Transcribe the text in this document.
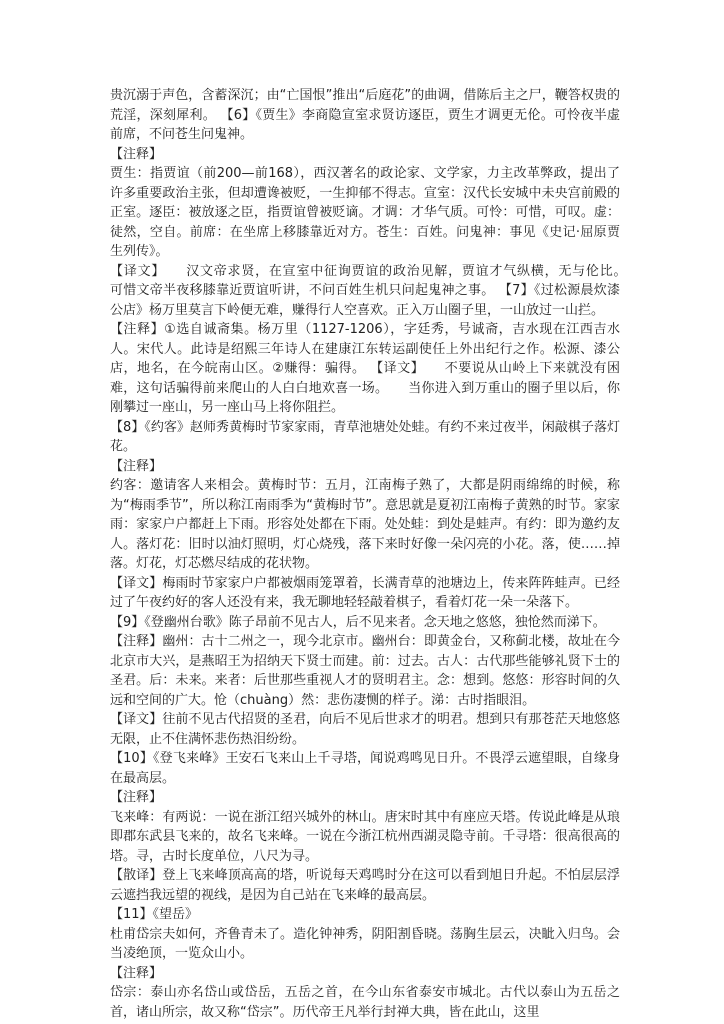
贵沉溺于声色，含蓄深沉；由“亡国恨”推出“后庭花”的曲调，借陈后主之尸，鞭答权贵的荒淫，深刻犀利。 【6】《贾生》李商隐宣室求贤访逐臣，贾生才调更无伦。可怜夜半虚前席，不问苍生问鬼神。

【注释】

贾生：指贾谊（前200—前168），西汉著名的政论家、文学家，力主改革弊政，提出了许多重要政治主张，但却遭谗被贬，一生抑郁不得志。宣室：汉代长安城中未央宫前殿的正室。逐臣：被放逐之臣，指贾谊曾被贬谪。才调：才华气质。可怜：可惜，可叹。虚：徒然，空自。前席：在坐席上移膝靠近对方。苍生：百姓。问鬼神：事见《史记·屈原贾生列传》。

【译文】　　汉文帝求贤，在宣室中征询贾谊的政治见解，贾谊才气纵横，无与伦比。　　可惜文帝半夜移膝靠近贾谊听讲，不问百姓生机只问起鬼神之事。 【7】《过松源晨炊漆公店》杨万里莫言下岭便无难，赚得行人空喜欢。正入万山圈子里，一山放过一山拦。

【注释】①选自诚斋集。杨万里（1127-1206），字廷秀，号诚斋，吉水现在江西吉水人。宋代人。此诗是绍熙三年诗人在建康江东转运副使任上外出纪行之作。松源、漆公店，地名，在今皖南山区。②赚得：骗得。 【译文】　　不要说从山岭上下来就没有困难，这句话骗得前来爬山的人白白地欢喜一场。　　当你进入到万重山的圈子里以后，你刚攀过一座山，另一座山马上将你阻拦。

【8】《约客》赵师秀黄梅时节家家雨，青草池塘处处蛙。有约不来过夜半，闲敲棋子落灯花。

【注释】

约客：邀请客人来相会。黄梅时节：五月，江南梅子熟了，大都是阴雨绵绵的时候，称为“梅雨季节”，所以称江南雨季为“黄梅时节”。意思就是夏初江南梅子黄熟的时节。家家雨：家家户户都赶上下雨。形容处处都在下雨。处处蛙：到处是蛙声。有约：即为邀约友人。落灯花：旧时以油灯照明，灯心烧残，落下来时好像一朵闪亮的小花。落，使……掉落。灯花，灯芯燃尽结成的花状物。

【译文】梅雨时节家家户户都被烟雨笼罩着，长满青草的池塘边上，传来阵阵蛙声。已经过了午夜约好的客人还没有来，我无聊地轻轻敲着棋子，看着灯花一朵一朵落下。

【9】《登幽州台歌》陈子昂前不见古人，后不见来者。念天地之悠悠，独怆然而涕下。

【注释】幽州：古十二州之一，现今北京市。幽州台：即黄金台，又称蓟北楼，故址在今北京市大兴，是燕昭王为招纳天下贤士而建。前：过去。古人：古代那些能够礼贤下士的圣君。后：未来。来者：后世那些重视人才的贤明君主。念：想到。悠悠：形容时间的久远和空间的广大。怆（chuàng）然：悲伤凄恻的样子。涕：古时指眼泪。

【译文】往前不见古代招贤的圣君，向后不见后世求才的明君。想到只有那苍茫天地悠悠无限，止不住满怀悲伤热泪纷纷。

【10】《登飞来峰》王安石飞来山上千寻塔，闻说鸡鸣见日升。不畏浮云遮望眼，自缘身在最高层。

【注释】

飞来峰：有两说：一说在浙江绍兴城外的林山。唐宋时其中有座应天塔。传说此峰是从琅即郡东武县飞来的，故名飞来峰。一说在今浙江杭州西湖灵隐寺前。千寻塔：很高很高的塔。寻，古时长度单位，八尺为寻。

【散译】登上飞来峰顶高高的塔，听说每天鸡鸣时分在这可以看到旭日升起。不怕层层浮云遮挡我远望的视线，是因为自己站在飞来峰的最高层。

【11】《望岳》

杜甫岱宗夫如何，齐鲁青未了。造化钟神秀，阴阳割昏晓。荡胸生层云，决眦入归鸟。会当凌绝顶，一览众山小。

【注释】

岱宗：泰山亦名岱山或岱岳，五岳之首，在今山东省泰安市城北。古代以泰山为五岳之首，诸山所宗，故又称“岱宗”。历代帝王凡举行封禅大典，皆在此山，这里
